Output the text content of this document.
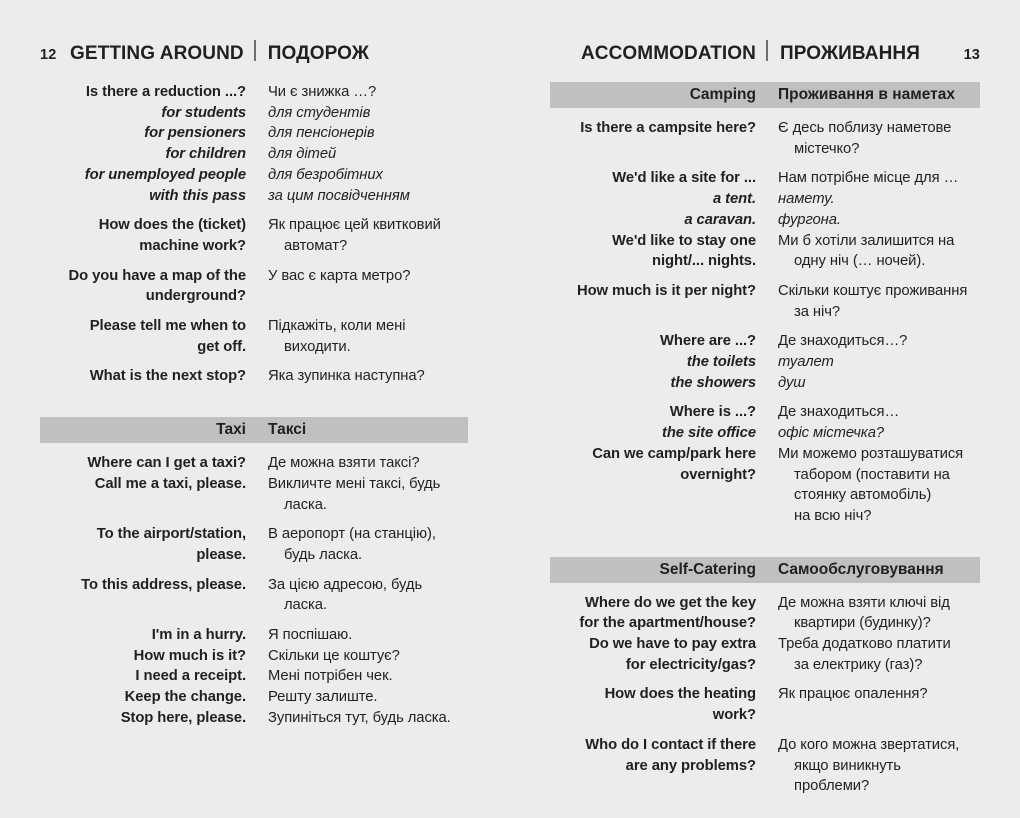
12 GETTING AROUND ПОДОРОЖ
Is there a reduction ...? Чи є знижка …?
for students для студентів
for pensioners для пенсіонерів
for children для дітей
for unemployed people для безробітних
with this pass за цим посвідченням
How does the (ticket)
machine work?
Як працює цей квитковий
автомат?
Do you have a map of the
underground?
У вас є карта метро?
Please tell me when to
get off.
Підкажіть, коли мені
виходити.
What is the next stop? Яка зупинка наступна?
Taxi Таксі
Where can I get a taxi? Де можна взяти таксі?
Call me a taxi, please. Викличте мені таксі, будь
ласка.
To the airport/station,
please.
В аеропорт (на станцію),
будь ласка.
To this address, please. За цією адресою, будь
ласка.
I'm in a hurry. Я поспішаю.
How much is it? Скільки це коштує?
I need a receipt. Мені потрібен чек.
Keep the change. Решту залиште.
Stop here, please. Зупиніться тут, будь ласка.
ACCOMMODATION ПРОЖИВАННЯ	13
Camping Проживання в наметах
Is there a campsite here? Є десь поблизу наметове
містечко?
We'd like a site for ... Нам потрібне місце для …
a tent. намету.
a caravan. фургона.
We'd like to stay one
night/... nights.
Ми б хотіли залишится на
одну ніч (… ночей).
How much is it per night? Скільки коштує проживання
за ніч?
Where are ...? Де знаходиться…?
the toilets туалет
the showers душ
Where is ...? Де знаходиться…
the site office офіс містечка?
Can we camp/park here
overnight?
Ми можемо розташуватися
табором (поставити на
стоянку автомобіль)
на всю ніч?
Self-Catering Самообслуговування
Where do we get the key
for the apartment/house?
Де можна взяти ключі від
квартири (будинку)?
Do we have to pay extra
for electricity/gas?
Треба додатково платити
за електрику (газ)?
How does the heating
work?
Як працює опалення?
Who do I contact if there
are any problems?
До кого можна звертатися,
якщо виникнуть проблеми?
